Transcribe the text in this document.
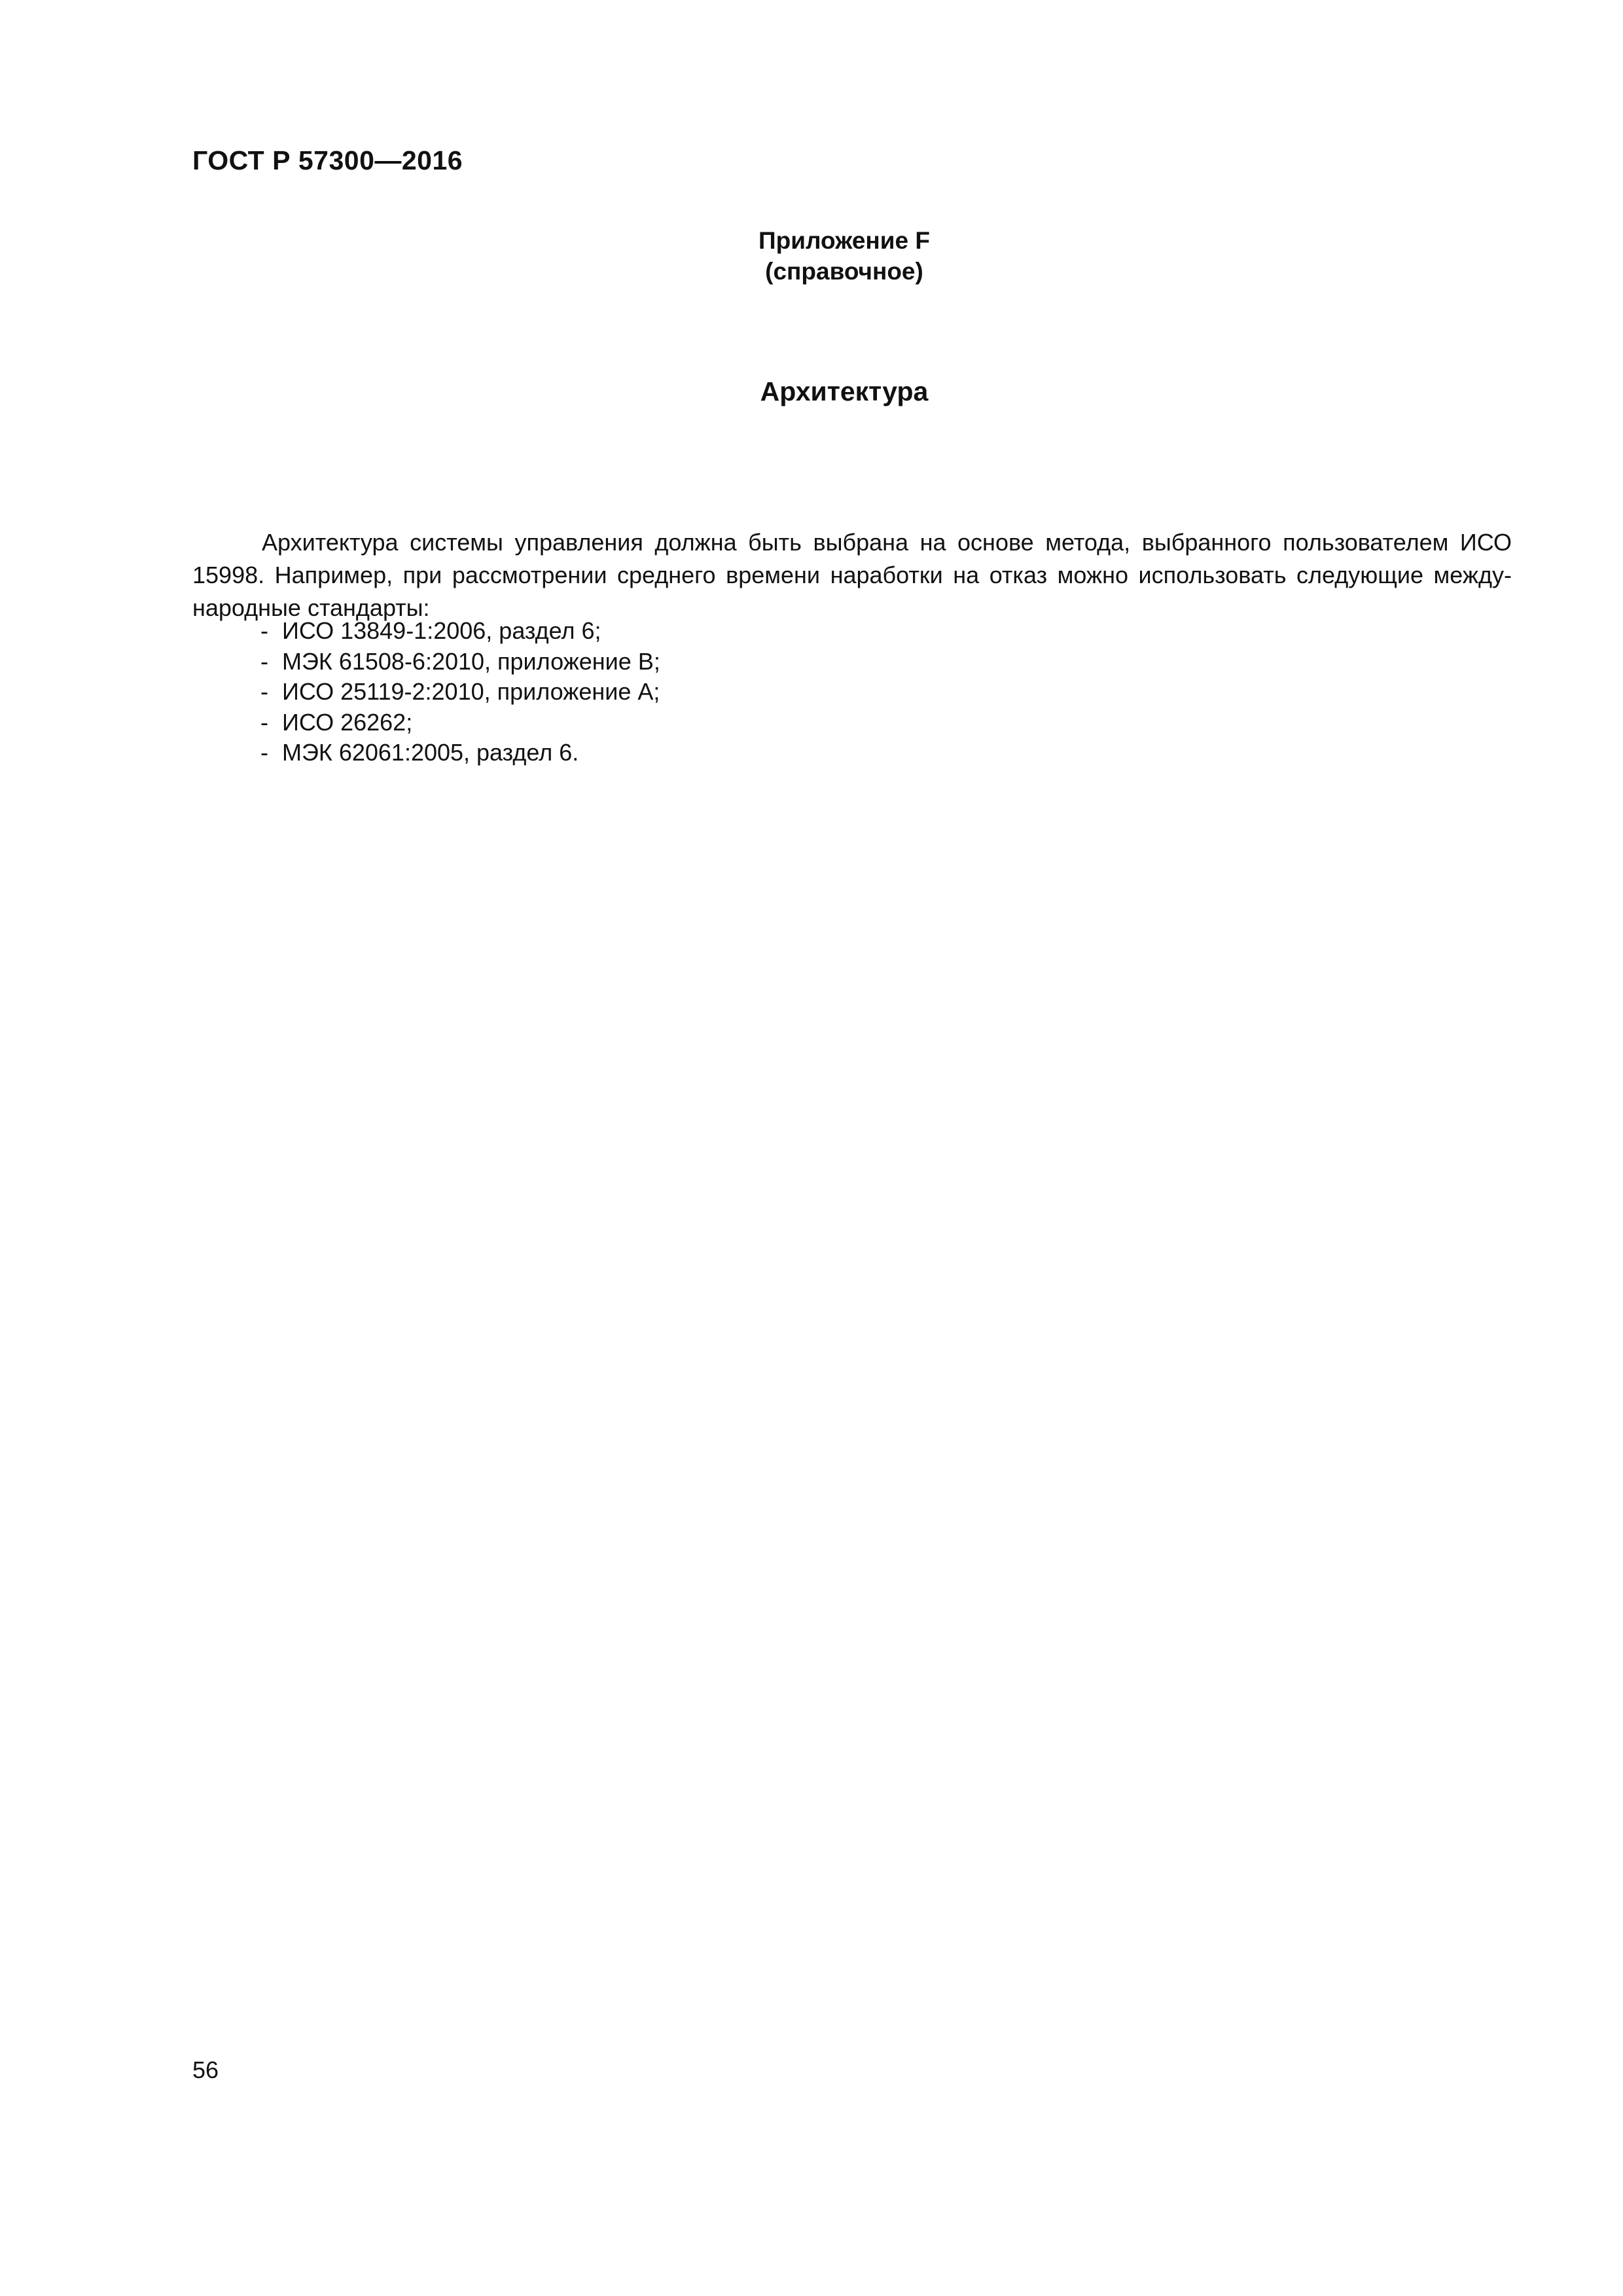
ГОСТ Р 57300—2016
Приложение F
(справочное)
Архитектура

Архитектура системы управления должна быть выбрана на основе метода, выбранного пользователем ИСО 15998. Например, при рассмотрении среднего времени наработки на отказ можно использовать следующие международные стандарты:

- ИСО 13849-1:2006, раздел 6;
- МЭК 61508-6:2010, приложение B;
- ИСО 25119-2:2010, приложение A;
- ИСО 26262;
- МЭК 62061:2005, раздел 6.
56
